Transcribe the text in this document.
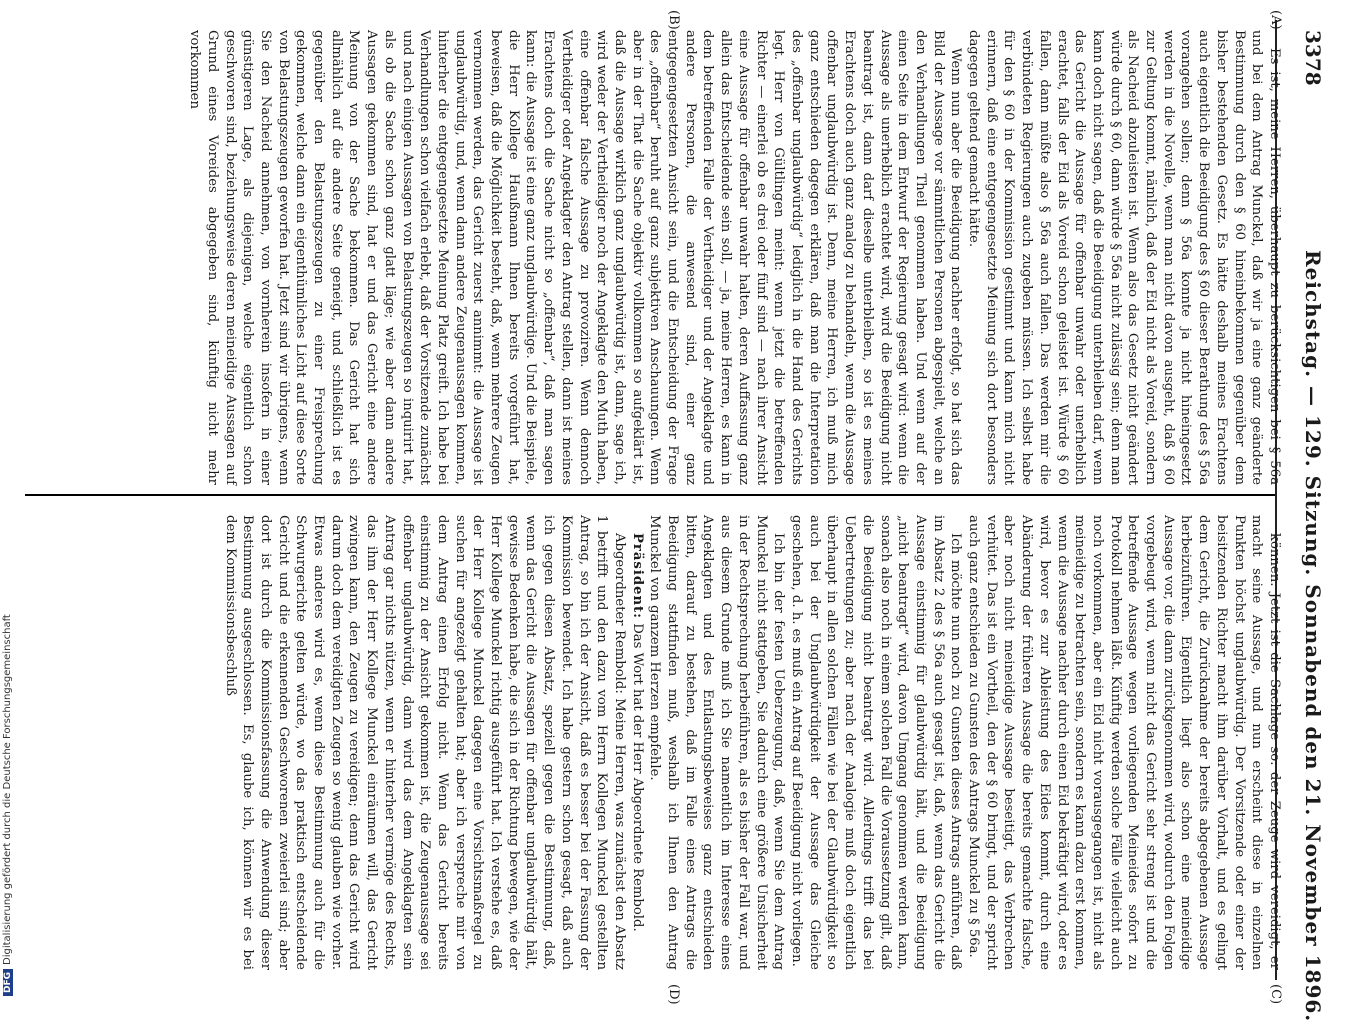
3378
Reichstag. — 129. Sitzung. Sonnabend den 21. November 1896.
(A)
(B)
(C)
(D)

Es ist, meine Herren, überhaupt zu berücksichtigen bei § 56a und bei dem Antrag Munckel, daß wir ja eine ganz geänderte Bestimmung durch den § 60 hineinbekommen gegenüber dem bisher bestehenden Gesetz. Es hätte deshalb meines Erachtens auch eigentlich die Beeidigung des § 60 dieser Berathung des § 56a vorangehen sollen; denn § 56a konnte ja nicht hineingesetzt werden in die Novelle, wenn man nicht davon ausgeht, daß § 60 zur Geltung kommt, nämlich, daß der Eid nicht als Voreid, sondern als Nacheid abzuleisten ist. Wenn also das Gesetz nicht geändert würde durch § 60, dann würde § 56a nicht zulässig sein; denn man kann doch nicht sagen, daß die Beeidigung unterbleiben darf, wenn das Gericht die Aussage für offenbar unwahr oder unerheblich erachtet, falls der Eid als Voreid schon geleistet ist. Würde § 60 fallen, dann müßte also § 56a auch fallen. Das werden mir die verbündeten Regierungen auch zugeben müssen. Ich selbst habe für den § 60 in der Kommission gestimmt und kann mich nicht erinnern, daß eine entgegengesetzte Meinung sich dort besonders dagegen geltend gemacht hätte.

Wenn nun aber die Beeidigung nachher erfolgt, so hat sich das Bild der Aussage vor sämmtlichen Personen abgespielt, welche an den Verhandlungen Theil genommen haben. Und wenn auf der einen Seite in dem Entwurf der Regierung gesagt wird: wenn die Aussage als unerheblich erachtet wird, wird die Beeidigung nicht beantragt ist, dann darf dieselbe unterbleiben, so ist es meines Erachtens doch auch ganz analog zu behandeln, wenn die Aussage offenbar unglaubwürdig ist. Denn, meine Herren, ich muß mich ganz entschieden dagegen erklären, daß man die Interpretation des „offenbar unglaubwürdig“ lediglich in die Hand des Gerichts legt. Herr von Gültlingen meint: wenn jetzt die betreffenden Richter — einerlei ob es drei oder fünf sind — nach ihrer Ansicht eine Aussage für offenbar unwahr halten, deren Auffassung ganz allein das Entscheidende sein soll, — ja, meine Herren, es kann in dem betreffenden Falle der Vertheidiger und der Angeklagte und andere Personen, die anwesend sind, einer ganz entgegengesetzten Ansicht sein, und die Entscheidung der Frage des „offenbar“ beruht auf ganz subjektiven Anschauungen. Wenn aber in der That die Sache objektiv vollkommen so aufgeklärt ist, daß die Aussage wirklich ganz unglaubwürdig ist, dann, sage ich, wird weder der Vertheidiger noch der Angeklagte den Muth haben, eine offenbar falsche Aussage zu provoziren. Wenn dennoch Vertheidiger oder Angeklagter den Antrag stellen, dann ist meines Erachtens doch die Sache nicht so „offenbar“, daß man sagen kann: die Aussage ist eine ganz unglaubwürdige. Und die Beispiele, die Herr Kollege Haußmann Ihnen bereits vorgeführt hat, beweisen, daß die Möglichkeit besteht, daß, wenn mehrere Zeugen vernommen werden, das Gericht zuerst annimmt: die Aussage ist unglaubwürdig, und, wenn dann andere Zeugenaussagen kommen, hinterher die entgegengesetzte Meinung Platz greift. Ich habe bei Verhandlungen schon vielfach erlebt, daß der Vorsitzende zunächst und nach einigen Aussagen von Belastungszeugen so inquirirt hat, als ob die Sache schon ganz glatt läge; wie aber dann andere Aussagen gekommen sind, hat er und das Gericht eine andere Meinung von der Sache bekommen. Das Gericht hat sich allmählich auf die andere Seite geneigt, und schließlich ist es gegenüber den Belastungszeugen zu einer Freisprechung gekommen, welche dann ein eigenthümliches Licht auf diese Sorte von Belastungszeugen geworfen hat. Jetzt sind wir übrigens, wenn Sie den Nacheid annehmen, von vornherein insofern in einer günstigeren Lage, als diejenigen, welche eigentlich schon geschworen sind, beziehungsweise deren meineidige Aussagen auf Grund eines Voreides abgegeben sind, künftig nicht mehr vorkommen

können. Jetzt ist die Sachlage so: der Zeuge wird vereidigt, er macht seine Aussage, und nun erscheint diese in einzelnen Punkten höchst unglaubwürdig. Der Vorsitzende oder einer der beisitzenden Richter macht ihm darüber Vorhalt, und es gelingt dem Gericht, die Zurücknahme der bereits abgegebenen Aussage herbeizuführen. Eigentlich liegt also schon eine meineidige Aussage vor, die dann zurückgenommen wird, wodurch den Folgen vorgebeugt wird, wenn nicht das Gericht sehr streng ist und die betreffende Aussage wegen vorliegenden Meineides sofort zu Protokoll nehmen läßt. Künftig werden solche Fälle vielleicht auch noch vorkommen, aber ein Eid nicht vorausgegangen ist, nicht als meineidige zu betrachten sein, sondern es kann dazu erst kommen, wenn die Aussage nachher durch einen Eid bekräftigt wird, oder es wird, bevor es zur Ableistung des Eides kommt, durch eine Abänderung der früheren Aussage die bereits gemachte falsche, aber noch nicht meineidige Aussage beseitigt, das Verbrechen verhütet. Das ist ein Vortheil, den der § 60 bringt, und der spricht auch ganz entschieden zu Gunsten des Antrags Munckel zu § 56a.

Ich möchte nun noch zu Gunsten dieses Antrags anführen, daß im Absatz 2 des § 56a auch gesagt ist, daß, wenn das Gericht die Aussage einstimmig für glaubwürdig hält, und die Beeidigung „nicht beantragt“ wird, davon Umgang genommen werden kann, sonach also noch in einem solchen Fall die Voraussetzung gilt, daß die Beeidigung nicht beantragt wird. Allerdings trifft das bei Uebertretungen zu; aber nach der Analogie muß doch eigentlich überhaupt in allen solchen Fällen wie bei der Glaubwürdigkeit so auch bei der Unglaubwürdigkeit der Aussage das Gleiche geschehen, d. h. es muß ein Antrag auf Beeidigung nicht vorliegen.

Ich bin der festen Ueberzeugung, daß, wenn Sie dem Antrag Munckel nicht stattgeben, Sie dadurch eine größere Unsicherheit in der Rechtsprechung herbeiführen, als es bisher der Fall war, und aus diesem Grunde muß ich Sie namentlich im Interesse eines Angeklagten und des Entlastungsbeweises ganz entschieden bitten, darauf zu bestehen, daß im Falle eines Antrags die Beeidigung stattfinden muß, weshalb ich Ihnen den Antrag Munckel von ganzem Herzen empfehle.

Präsident: Das Wort hat der Herr Abgeordnete Rembold.

Abgeordneter Rembold: Meine Herren, was zunächst den Absatz 1 betrifft und den dazu vom Herrn Kollegen Munckel gestellten Antrag, so bin ich der Ansicht, daß es besser bei der Fassung der Kommission bewendet. Ich habe gestern schon gesagt, daß auch ich gegen diesen Absatz, speziell gegen die Bestimmung, daß, wenn das Gericht die Aussagen für offenbar unglaubwürdig hält, gewisse Bedenken habe, die sich in der Richtung bewegen, wie der Herr Kollege Munckel richtig ausgeführt hat. Ich verstehe es, daß der Herr Kollege Munckel dagegen eine Vorsichtsmaßregel zu suchen für angezeigt gehalten hat; aber ich verspreche mir von dem Antrag einen Erfolg nicht. Wenn das Gericht bereits einstimmig zu der Ansicht gekommen ist, die Zeugenaussage sei offenbar unglaubwürdig, dann wird das dem Angeklagten sein Antrag gar nichts nützen, wenn er hinterher vermöge des Rechts, das ihm der Herr Kollege Munckel einräumen will, das Gericht zwingen kann, den Zeugen zu vereidigen; denn das Gericht wird darum doch dem vereidigten Zeugen so wenig glauben wie vorher. Etwas anderes wird es, wenn diese Bestimmung auch für die Schwurgerichte gelten würde, wo das praktisch entscheidende Gericht und die erkennenden Geschworenen zweierlei sind; aber dort ist durch die Kommissionsfassung die Anwendung dieser Bestimmung ausgeschlossen. Es, glaube ich, können wir es bei dem Kommissionsbeschluß

DFGDigitalisierung gefördert durch die Deutsche Forschungsgemeinschaft
